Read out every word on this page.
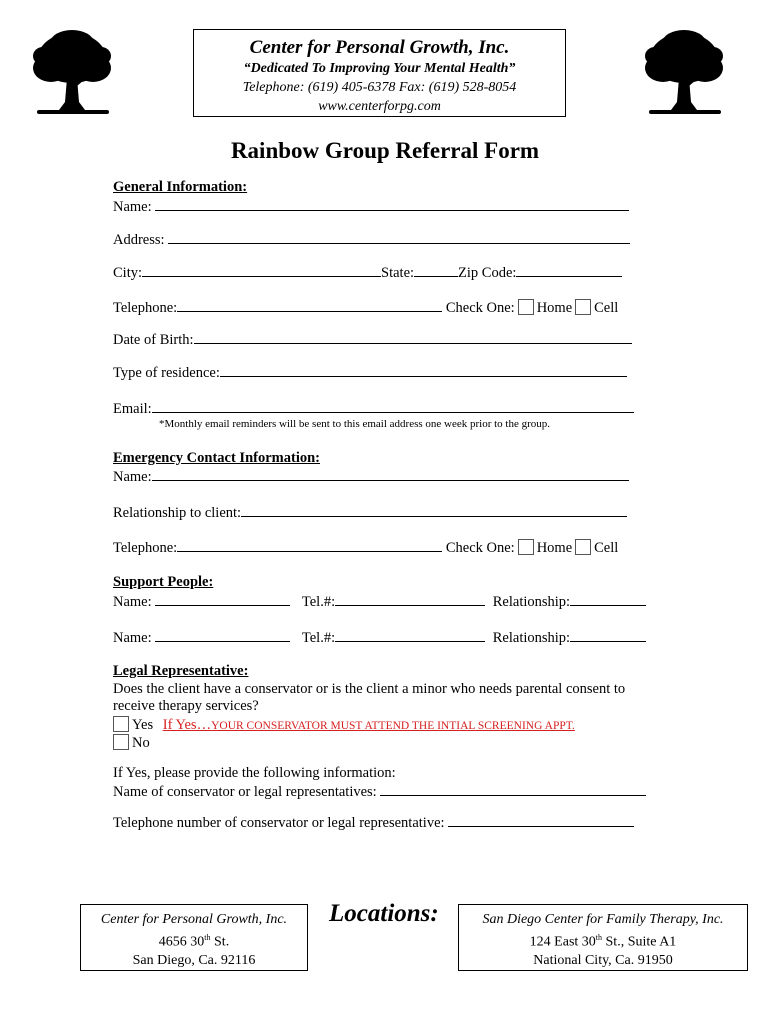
Center for Personal Growth, Inc.
“Dedicated To Improving Your Mental Health”
Telephone: (619) 405-6378 Fax: (619) 528-8054
www.centerforpg.com
Rainbow Group Referral Form
General Information:
Name:
Address:
City:	State:	Zip Code:
Telephone:	Check One: Home Cell
Date of Birth:
Type of residence:
Email:
*Monthly email reminders will be sent to this email address one week prior to the group.
Emergency Contact Information:
Name:
Relationship to client:
Telephone:	Check One: Home Cell
Support People:
Name:	Tel.#:	Relationship:
Name:	Tel.#:	Relationship:
Legal Representative:
Does the client have a conservator or is the client a minor who needs parental consent to
receive therapy services?
Yes If Yes…YOUR CONSERVATOR MUST ATTEND THE INTIAL SCREENING APPT.
No
If Yes, please provide the following information:
Name of conservator or legal representatives:
Telephone number of conservator or legal representative:
Center for Personal Growth, Inc.
4656 30th St.
San Diego, Ca. 92116
Locations:	San Diego Center for Family Therapy, Inc.
124 East 30th St., Suite A1
National City, Ca. 91950
